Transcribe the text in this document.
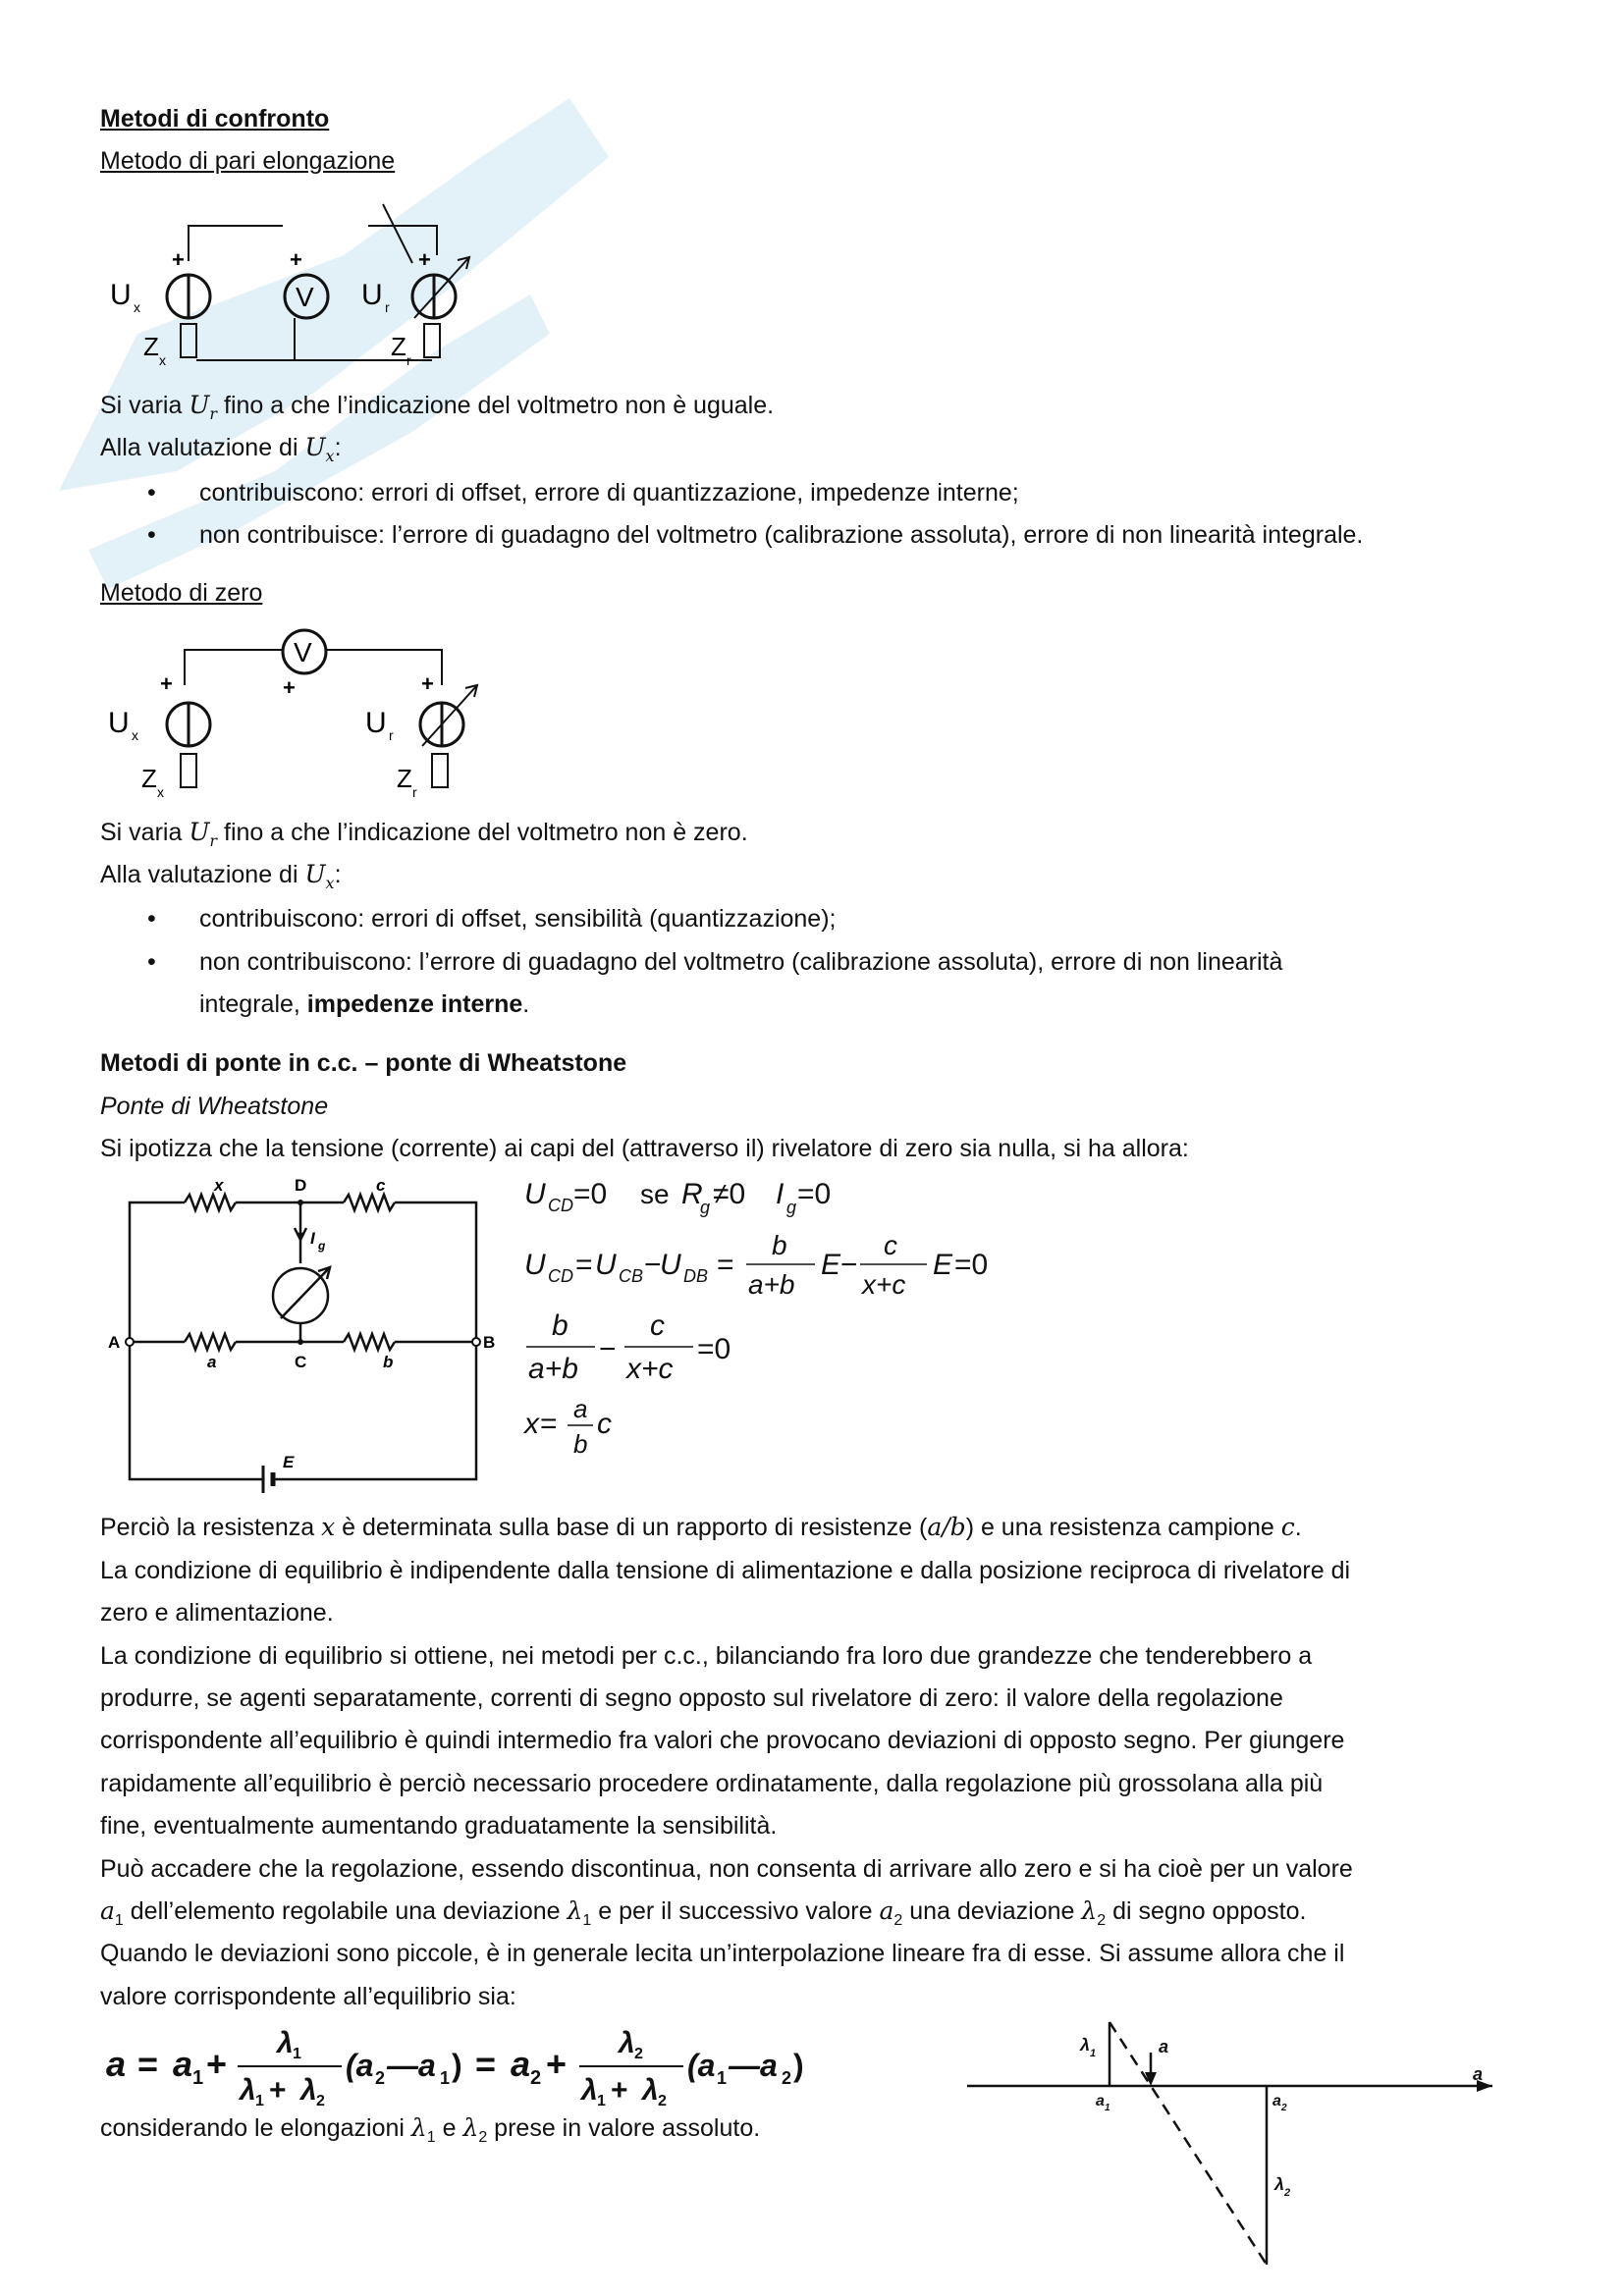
Metodi di confronto
Metodo di pari elongazione
+	+	+
V
U x	U r
Z x	Z r
Si varia $U_r$ fino a che l’indicazione del voltmetro non è uguale.
Alla valutazione di $U_x$:
• contribuiscono: errori di offset, errore di quantizzazione, impedenze interne;
• non contribuisce: l’errore di guadagno del voltmetro (calibrazione assoluta), errore di non linearità integrale.
Metodo di zero
+	+	+
V
U x	U r
Z x	Z r
Si varia $U_r$ fino a che l’indicazione del voltmetro non è zero.
Alla valutazione di $U_x$:
• contribuiscono: errori di offset, sensibilità (quantizzazione);
• non contribuiscono: l’errore di guadagno del voltmetro (calibrazione assoluta), errore di non linearità
integrale, impedenze interne.
Metodi di ponte in c.c. – ponte di Wheatstone
Ponte di Wheatstone
Si ipotizza che la tensione (corrente) ai capi del (attraverso il) rivelatore di zero sia nulla, si ha allora:
x	D	c
I g
A	B
C
a	b
E
U CD =0 se R
g ≠0 I g =0
U CD = U CB −
U DB =
b
a+b
E −
c
x+c
E =0
b
a+b
−
c
x+c
=0
x = a
b
c
Perciò la resistenza x è determinata sulla base di un rapporto di resistenze (a/b) e una resistenza campione c.
La condizione di equilibrio è indipendente dalla tensione di alimentazione e dalla posizione reciproca di rivelatore di
zero e alimentazione.
La condizione di equilibrio si ottiene, nei metodi per c.c., bilanciando fra loro due grandezze che tenderebbero a
produrre, se agenti separatamente, correnti di segno opposto sul rivelatore di zero: il valore della regolazione
corrispondente all’equilibrio è quindi intermedio fra valori che provocano deviazioni di opposto segno. Per giungere
rapidamente all’equilibrio è perciò necessario procedere ordinatamente, dalla regolazione più grossolana alla più
fine, eventualmente aumentando graduatamente la sensibilità.
Può accadere che la regolazione, essendo discontinua, non consenta di arrivare allo zero e si ha cioè per un valore
$a_1$ dell’elemento regolabile una deviazione $\lambda_1$ e per il successivo valore $a_2$ una deviazione $\lambda_2$ di segno opposto.
Quando le deviazioni sono piccole, è in generale lecita un’interpolazione lineare fra di esse. Si assume allora che il
valore corrispondente all’equilibrio sia:
a = a 1 +
λ 1
λ 1 + λ 2
(a 2 —a 1 ) = a 2 +
λ 2
λ 1 + λ 2
(a 1 —a 2 )
considerando le elongazioni $\lambda_1$ e $\lambda_2$ prese in valore assoluto.
λ 1	a
a 1	a 2
a
λ 2
